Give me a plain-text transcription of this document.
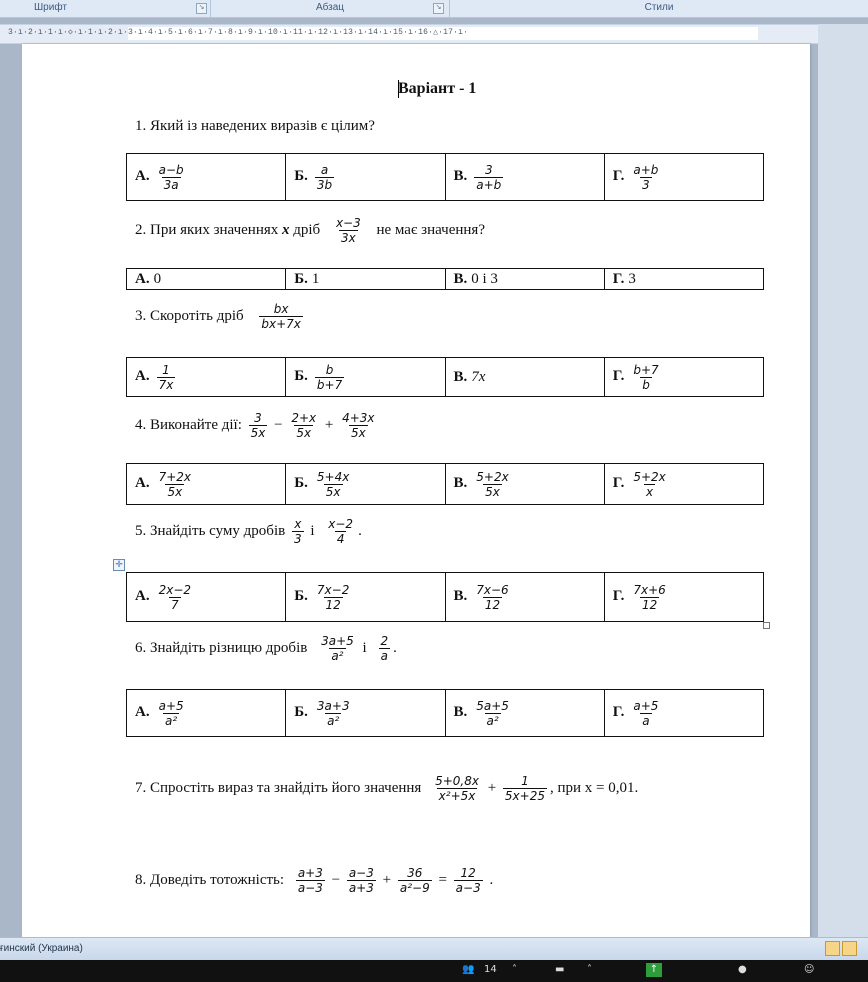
Шрифт	↘	Абзац	↘	Стили
3·ı·2·ı·1·ı·◇·ı·1·ı·2·ı·3·ı·4·ı·5·ı·6·ı·7·ı·8·ı·9·ı·10·ı·11·ı·12·ı·13·ı·14·ı·15·ı·16·△·17·ı·
Варіант - 1
1. Який із наведених виразів є цілим?
А. $\frac{a-b}{3a}$	Б. $\frac{a}{3b}$	В. $\frac{3}{a+b}$	Г. $\frac{a+b}{3}$
2. При яких значеннях x дріб $\frac{x-3}{3x}$ не має значення?
А. 0	Б. 1	В. 0 і 3	Г. 3
3. Скоротіть дріб $\frac{bx}{bx+7x}$
А. $\frac{1}{7x}$	Б. $\frac{b}{b+7}$	В. 7x	Г. $\frac{b+7}{b}$
4. Виконайте дії: $\frac{3}{5x} - \frac{2+x}{5x} + \frac{4+3x}{5x}$
А. $\frac{7+2x}{5x}$	Б. $\frac{5+4x}{5x}$	В. $\frac{5+2x}{5x}$	Г. $\frac{5+2x}{x}$
5. Знайдіть суму дробів $\frac{x}{3}$ і $\frac{x-2}{4}$ .
✛
А. $\frac{2x-2}{7}$	Б. $\frac{7x-2}{12}$	В. $\frac{7x-6}{12}$	Г. $\frac{7x+6}{12}$
6. Знайдіть різницю дробів $\frac{3a+5}{\text{a²}}$ і $\frac{2}{a}$ .
А. $\frac{a+5}{\text{a²}}$	Б. $\frac{3a+3}{\text{a²}}$	В. $\frac{5a+5}{\text{a²}}$	Г. $\frac{a+5}{a}$
7. Спростіть вираз та знайдіть його значення $\frac{5+0,8x}{\text{x²+5x}} + \frac{1}{5x+25}$ , при x = 0,01.
8. Доведіть тотожність: $\frac{a+3}{a-3} - \frac{a-3}{a+3} + \frac{36}{\text{a²−9}} = \frac{12}{a-3}$ .
ғинский (Украина)
👥 14 ˄	▬ ˄	↑	●	☺
